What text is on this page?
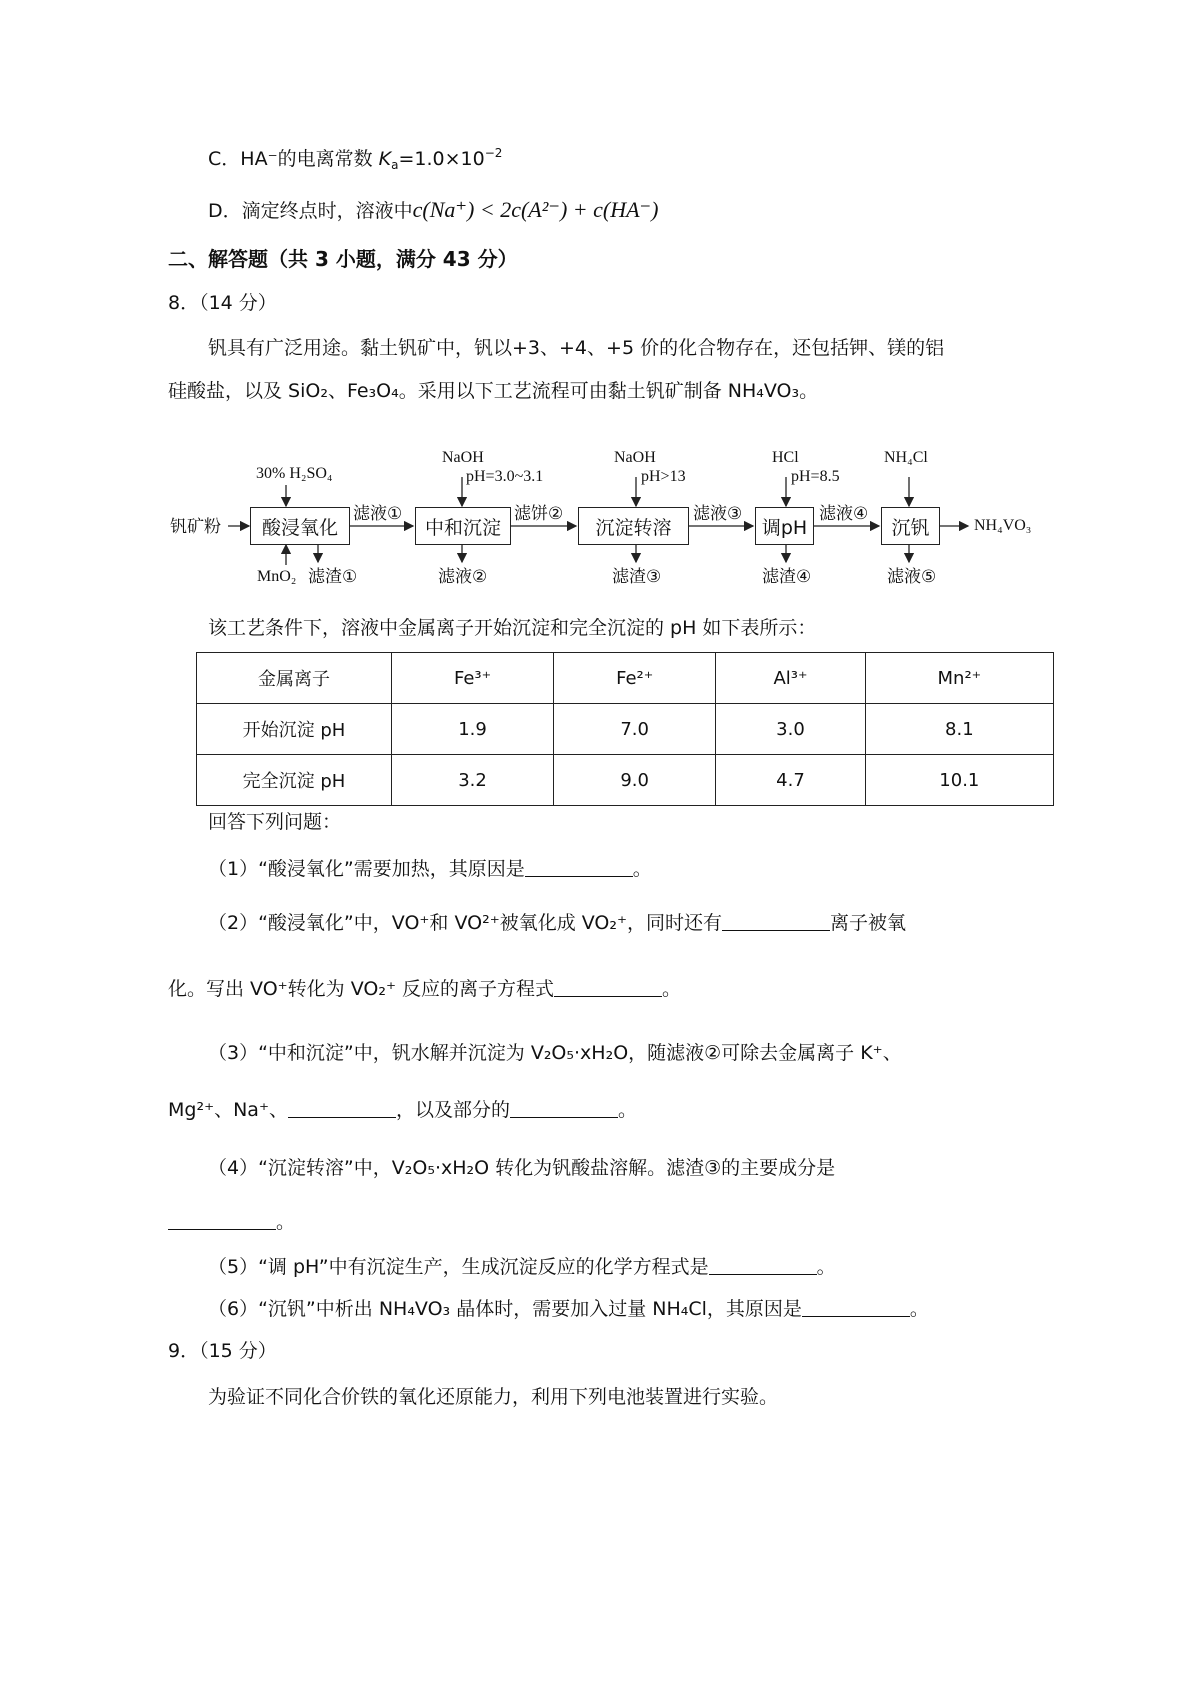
C．HA⁻的电离常数 $K_a=1.0\times 10^{-2}$
D．滴定终点时，溶液中c(Na⁺) < 2c(A²⁻) + c(HA⁻)
二、解答题（共 3 小题，满分 43 分）
8．（14 分）
钒具有广泛用途。黏土钒矿中，钒以+3、+4、+5 价的化合物存在，还包括钾、镁的铝
硅酸盐，以及 SiO₂、Fe₃O₄。采用以下工艺流程可由黏土钒矿制备 NH₄VO₃。
钒矿粉	酸浸氧化	中和沉淀	沉淀转溶	调pH	沉钒
30% H₂SO₄
NaOH
pH=3.0~3.1
NaOH
pH>13
HCl
pH=8.5
NH₄Cl
滤液①	滤饼②	滤液③	滤液④
MnO₂ 滤渣①	滤液②	滤渣③	滤渣④	滤液⑤
NH₄VO₃
该工艺条件下，溶液中金属离子开始沉淀和完全沉淀的 pH 如下表所示：
金属离子	Fe³⁺	Fe²⁺	Al³⁺	Mn²⁺
开始沉淀 pH	1.9	7.0	3.0	8.1
完全沉淀 pH	3.2	9.0	4.7	10.1
回答下列问题：
（1）“酸浸氧化”需要加热，其原因是	。
（2）“酸浸氧化”中，VO⁺和 VO²⁺被氧化成 VO₂⁺，同时还有	离子被氧
化。写出 VO⁺转化为 VO₂⁺ 反应的离子方程式	。
（3）“中和沉淀”中，钒水解并沉淀为 V₂O₅·xH₂O，随滤液②可除去金属离子 K⁺、
Mg²⁺、Na⁺、	，以及部分的	。
（4）“沉淀转溶”中，V₂O₅·xH₂O 转化为钒酸盐溶解。滤渣③的主要成分是
。
（5）“调 pH”中有沉淀生产，生成沉淀反应的化学方程式是	。
（6）“沉钒”中析出 NH₄VO₃ 晶体时，需要加入过量 NH₄Cl，其原因是	。
9．（15 分）
为验证不同化合价铁的氧化还原能力，利用下列电池装置进行实验。
